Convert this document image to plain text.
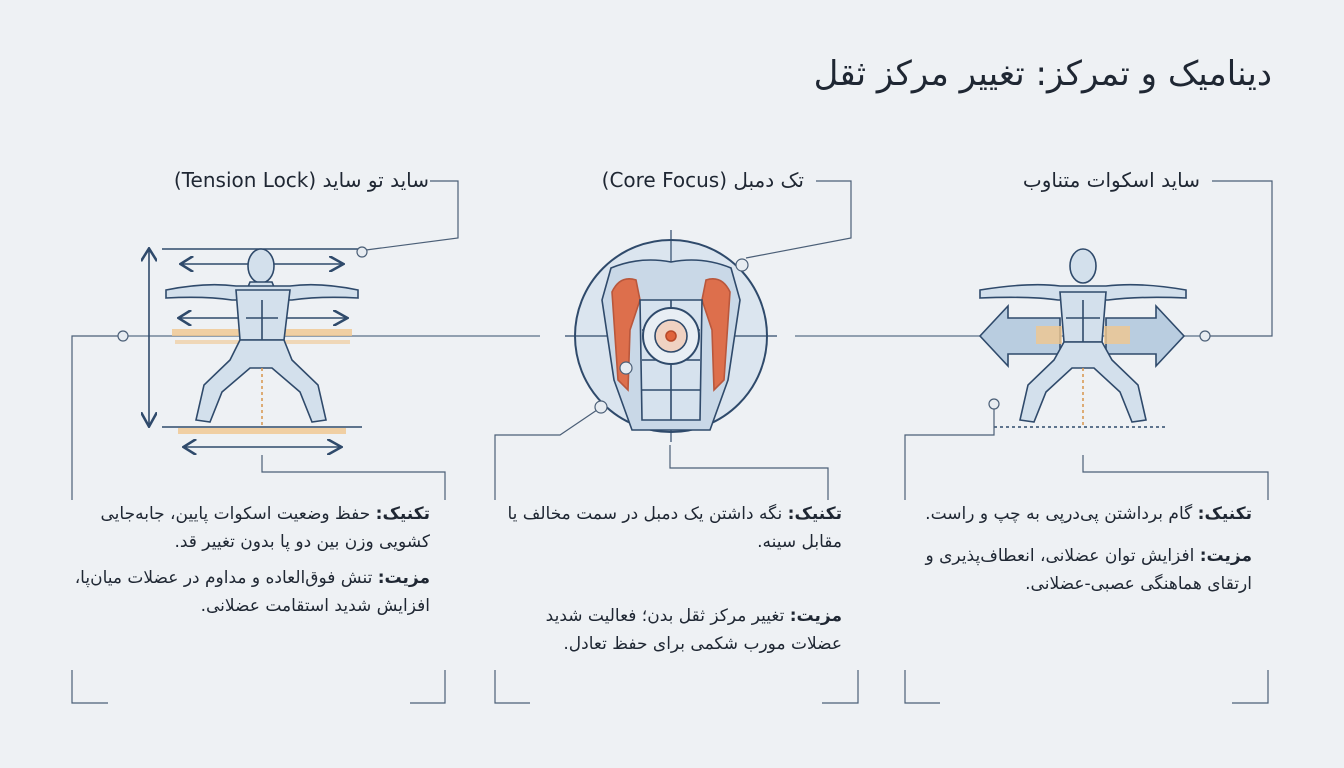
دینامیک و تمرکز: تغییر مرکز ثقل
ساید تو ساید (Tension Lock)	تک دمبل (Core Focus)	ساید اسکوات متناوب

تکنیک: حفظ وضعیت اسکوات پایین، جابه‌جایی کشویی وزن بین دو پا بدون تغییر قد.

مزیت: تنش فوق‌العاده و مداوم در عضلات میان‌پا، افزایش شدید استقامت عضلانی.

تکنیک: نگه داشتن یک دمبل در سمت مخالف یا مقابل سینه.

مزیت: تغییر مرکز ثقل بدن؛ فعالیت شدید عضلات مورب شکمی برای حفظ تعادل.

تکنیک: گام برداشتن پی‌درپی به چپ و راست.

مزیت: افزایش توان عضلانی، انعطاف‌پذیری و ارتقای هماهنگی عصبی-عضلانی.
